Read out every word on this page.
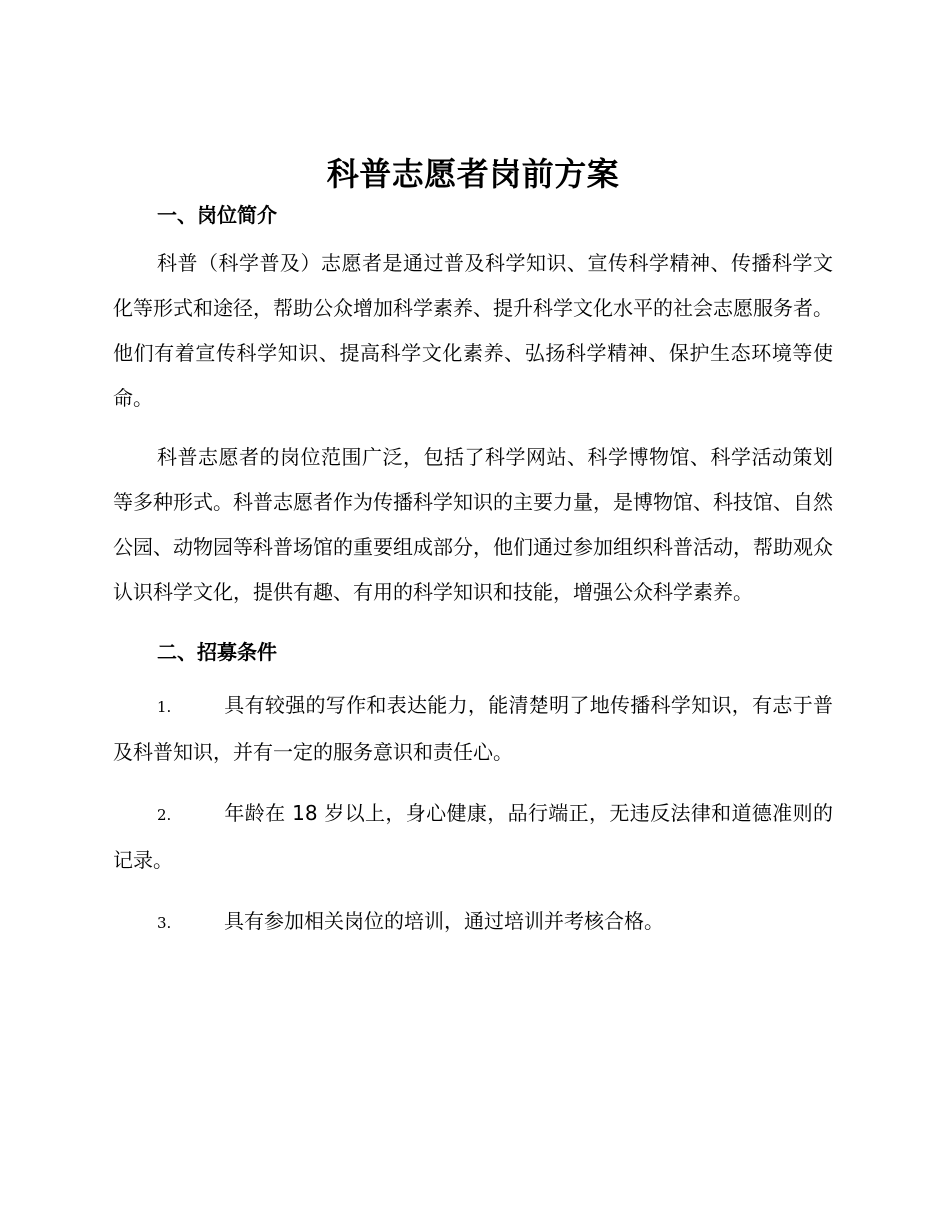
科普志愿者岗前方案
一、岗位简介

科普（科学普及）志愿者是通过普及科学知识、宣传科学精神、传播科学文化等形式和途径，帮助公众增加科学素养、提升科学文化水平的社会志愿服务者。他们有着宣传科学知识、提高科学文化素养、弘扬科学精神、保护生态环境等使命。

科普志愿者的岗位范围广泛，包括了科学网站、科学博物馆、科学活动策划等多种形式。科普志愿者作为传播科学知识的主要力量，是博物馆、科技馆、自然公园、动物园等科普场馆的重要组成部分，他们通过参加组织科普活动，帮助观众认识科学文化，提供有趣、有用的科学知识和技能，增强公众科学素养。

二、招募条件

1.	具有较强的写作和表达能力，能清楚明了地传播科学知识，有志于普及科普知识，并有一定的服务意识和责任心。

2.	年龄在 18 岁以上，身心健康，品行端正，无违反法律和道德准则的记录。

3.	具有参加相关岗位的培训，通过培训并考核合格。
